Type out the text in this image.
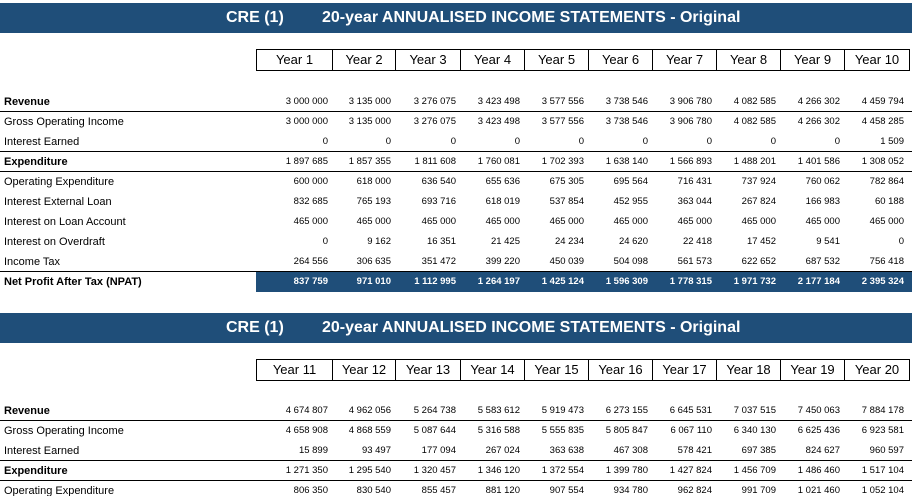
CRE (1) 20-year ANNUALISED INCOME STATEMENTS - Original
Year 1	Year 2	Year 3	Year 4	Year 5	Year 6	Year 7	Year 8	Year 9	Year 10
Revenue	3 000 000	3 135 000	3 276 075	3 423 498	3 577 556	3 738 546	3 906 780	4 082 585	4 266 302	4 459 794
Gross Operating Income	3 000 000	3 135 000	3 276 075	3 423 498	3 577 556	3 738 546	3 906 780	4 082 585	4 266 302	4 458 285
Interest Earned	0	0	0	0	0	0	0	0	0	1 509
Expenditure	1 897 685	1 857 355	1 811 608	1 760 081	1 702 393	1 638 140	1 566 893	1 488 201	1 401 586	1 308 052
Operating Expenditure	600 000	618 000	636 540	655 636	675 305	695 564	716 431	737 924	760 062	782 864
Interest External Loan	832 685	765 193	693 716	618 019	537 854	452 955	363 044	267 824	166 983	60 188
Interest on Loan Account	465 000	465 000	465 000	465 000	465 000	465 000	465 000	465 000	465 000	465 000
Interest on Overdraft	0	9 162	16 351	21 425	24 234	24 620	22 418	17 452	9 541	0
Income Tax	264 556	306 635	351 472	399 220	450 039	504 098	561 573	622 652	687 532	756 418
Net Profit After Tax (NPAT)	837 759	971 010	1 112 995	1 264 197	1 425 124	1 596 309	1 778 315	1 971 732	2 177 184	2 395 324
CRE (1) 20-year ANNUALISED INCOME STATEMENTS - Original
Year 11	Year 12	Year 13	Year 14	Year 15	Year 16	Year 17	Year 18	Year 19	Year 20
Revenue	4 674 807	4 962 056	5 264 738	5 583 612	5 919 473	6 273 155	6 645 531	7 037 515	7 450 063	7 884 178
Gross Operating Income	4 658 908	4 868 559	5 087 644	5 316 588	5 555 835	5 805 847	6 067 110	6 340 130	6 625 436	6 923 581
Interest Earned	15 899	93 497	177 094	267 024	363 638	467 308	578 421	697 385	824 627	960 597
Expenditure	1 271 350	1 295 540	1 320 457	1 346 120	1 372 554	1 399 780	1 427 824	1 456 709	1 486 460	1 517 104
Operating Expenditure	806 350	830 540	855 457	881 120	907 554	934 780	962 824	991 709	1 021 460	1 052 104
